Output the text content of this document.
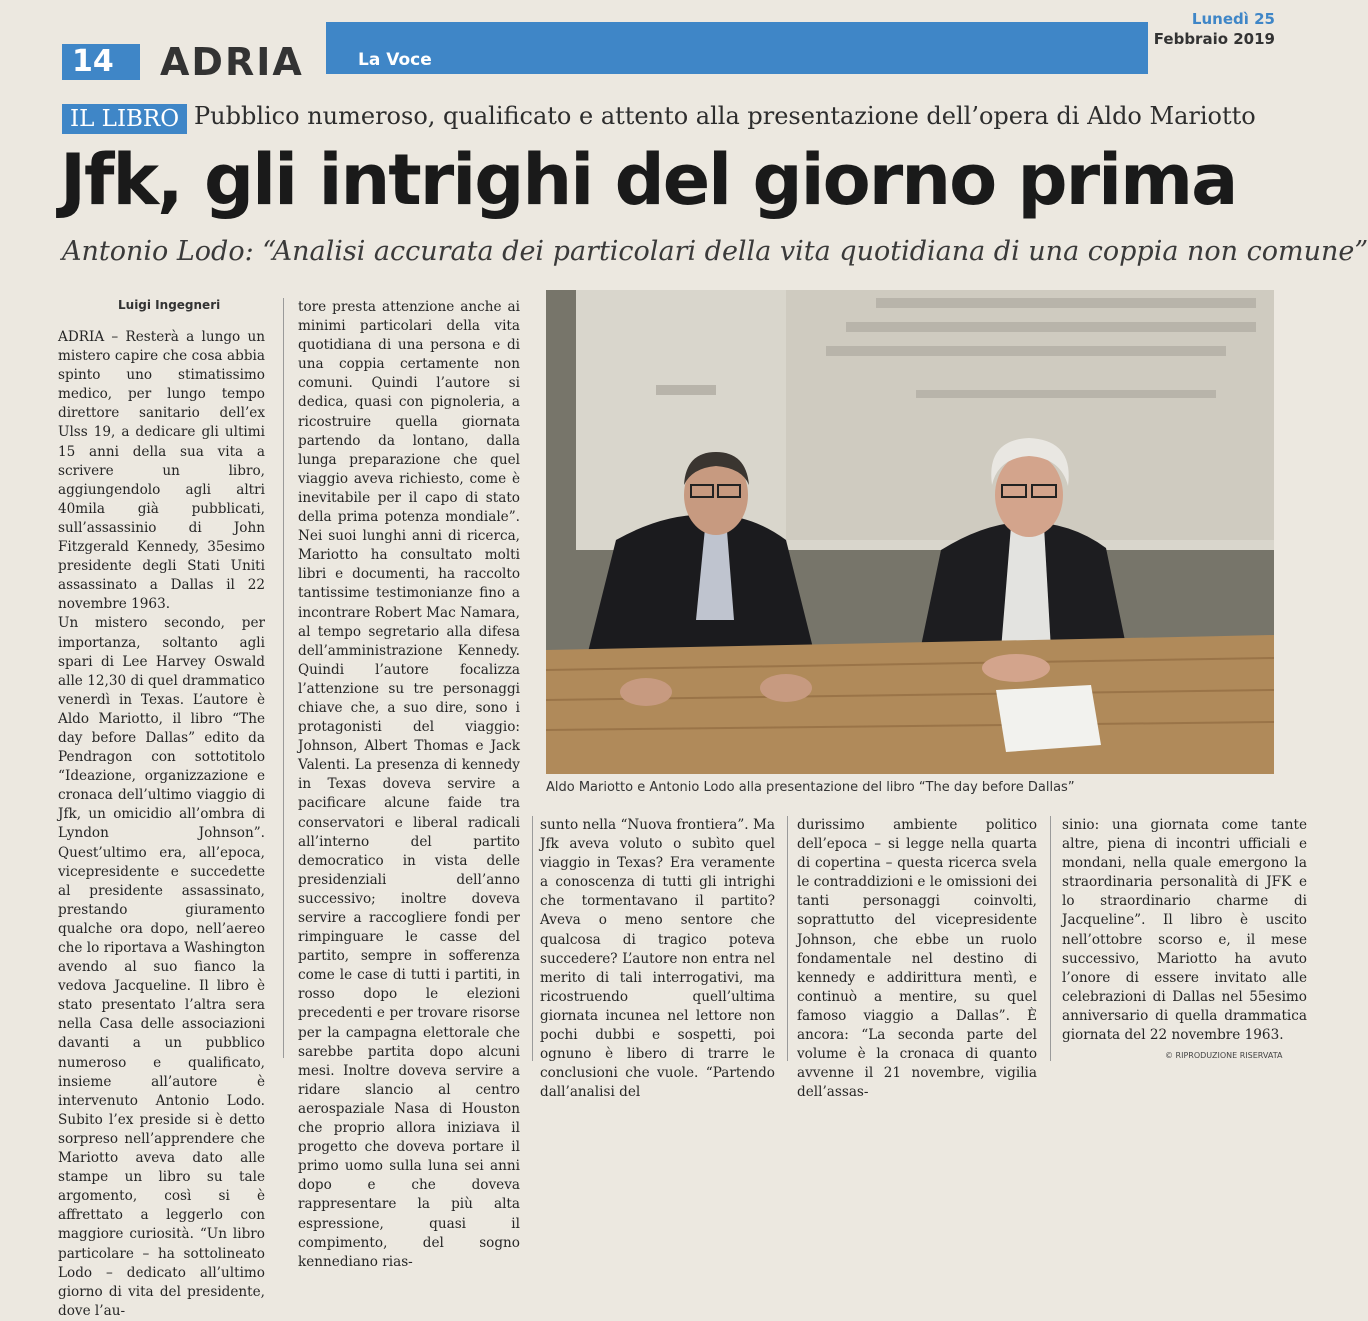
14	ADRIA	La Voce
Lunedì 25
Febbraio 2019
IL LIBRO Pubblico numeroso, qualificato e attento alla presentazione dell’opera di Aldo Mariotto
Jfk, gli intrighi del giorno prima
Antonio Lodo: “Analisi accurata dei particolari della vita quotidiana di una coppia non comune”
Luigi Ingegneri

ADRIA – Resterà a lungo un mistero capire che cosa abbia spinto uno stimatissimo medico, per lungo tempo direttore sanitario dell’ex Ulss 19, a dedicare gli ultimi 15 anni della sua vita a scrivere un libro, aggiungendolo agli altri 40mila già pubblicati, sull’assassinio di John Fitzgerald Kennedy, 35esimo presidente degli Stati Uniti assassinato a Dallas il 22 novembre 1963.

Un mistero secondo, per importanza, soltanto agli spari di Lee Harvey Oswald alle 12,30 di quel drammatico venerdì in Texas. L’autore è Aldo Mariotto, il libro “The day before Dallas” edito da Pendragon con sottotitolo “Ideazione, organizzazione e cronaca dell’ultimo viaggio di Jfk, un omicidio all’ombra di Lyndon Johnson”. Quest’ultimo era, all’epoca, vicepresidente e succedette al presidente assassinato, prestando giuramento qualche ora dopo, nell’aereo che lo riportava a Washington avendo al suo fianco la vedova Jacqueline. Il libro è stato presentato l’altra sera nella Casa delle associazioni davanti a un pubblico numeroso e qualificato, insieme all’autore è intervenuto Antonio Lodo. Subito l’ex preside si è detto sorpreso nell’apprendere che Mariotto aveva dato alle stampe un libro su tale argomento, così si è affrettato a leggerlo con maggiore curiosità. “Un libro particolare – ha sottolineato Lodo – dedicato all’ultimo giorno di vita del presidente, dove l’au-

tore presta attenzione anche ai minimi particolari della vita quotidiana di una persona e di una coppia certamente non comuni. Quindi l’autore si dedica, quasi con pignoleria, a ricostruire quella giornata partendo da lontano, dalla lunga preparazione che quel viaggio aveva richiesto, come è inevitabile per il capo di stato della prima potenza mondiale”. Nei suoi lunghi anni di ricerca, Mariotto ha consultato molti libri e documenti, ha raccolto tantissime testimonianze fino a incontrare Robert Mac Namara, al tempo segretario alla difesa dell’amministrazione Kennedy. Quindi l’autore focalizza l’attenzione su tre personaggi chiave che, a suo dire, sono i protagonisti del viaggio: Johnson, Albert Thomas e Jack Valenti. La presenza di kennedy in Texas doveva servire a pacificare alcune faide tra conservatori e liberal radicali all’interno del partito democratico in vista delle presidenziali dell’anno successivo; inoltre doveva servire a raccogliere fondi per rimpinguare le casse del partito, sempre in sofferenza come le case di tutti i partiti, in rosso dopo le elezioni precedenti e per trovare risorse per la campagna elettorale che sarebbe partita dopo alcuni mesi. Inoltre doveva servire a ridare slancio al centro aerospaziale Nasa di Houston che proprio allora iniziava il progetto che doveva portare il primo uomo sulla luna sei anni dopo e che doveva rappresentare la più alta espressione, quasi il compimento, del sogno kennediano rias-

sunto nella “Nuova frontiera”. Ma Jfk aveva voluto o subìto quel viaggio in Texas? Era veramente a conoscenza di tutti gli intrighi che tormentavano il partito? Aveva o meno sentore che qualcosa di tragico poteva succedere? L’autore non entra nel merito di tali interrogativi, ma ricostruendo quell’ultima giornata incunea nel lettore non pochi dubbi e sospetti, poi ognuno è libero di trarre le conclusioni che vuole. “Partendo dall’analisi del

durissimo ambiente politico dell’epoca – si legge nella quarta di copertina – questa ricerca svela le contraddizioni e le omissioni dei tanti personaggi coinvolti, soprattutto del vicepresidente Johnson, che ebbe un ruolo fondamentale nel destino di kennedy e addirittura mentì, e continuò a mentire, su quel famoso viaggio a Dallas”. È ancora: “La seconda parte del volume è la cronaca di quanto avvenne il 21 novembre, vigilia dell’assas-

sinio: una giornata come tante altre, piena di incontri ufficiali e mondani, nella quale emergono la straordinaria personalità di JFK e lo straordinario charme di Jacqueline”. Il libro è uscito nell’ottobre scorso e, il mese successivo, Mariotto ha avuto l’onore di essere invitato alle celebrazioni di Dallas nel 55esimo anniversario di quella drammatica giornata del 22 novembre 1963.

Aldo Mariotto e Antonio Lodo alla presentazione del libro “The day before Dallas”
© RIPRODUZIONE RISERVATA
